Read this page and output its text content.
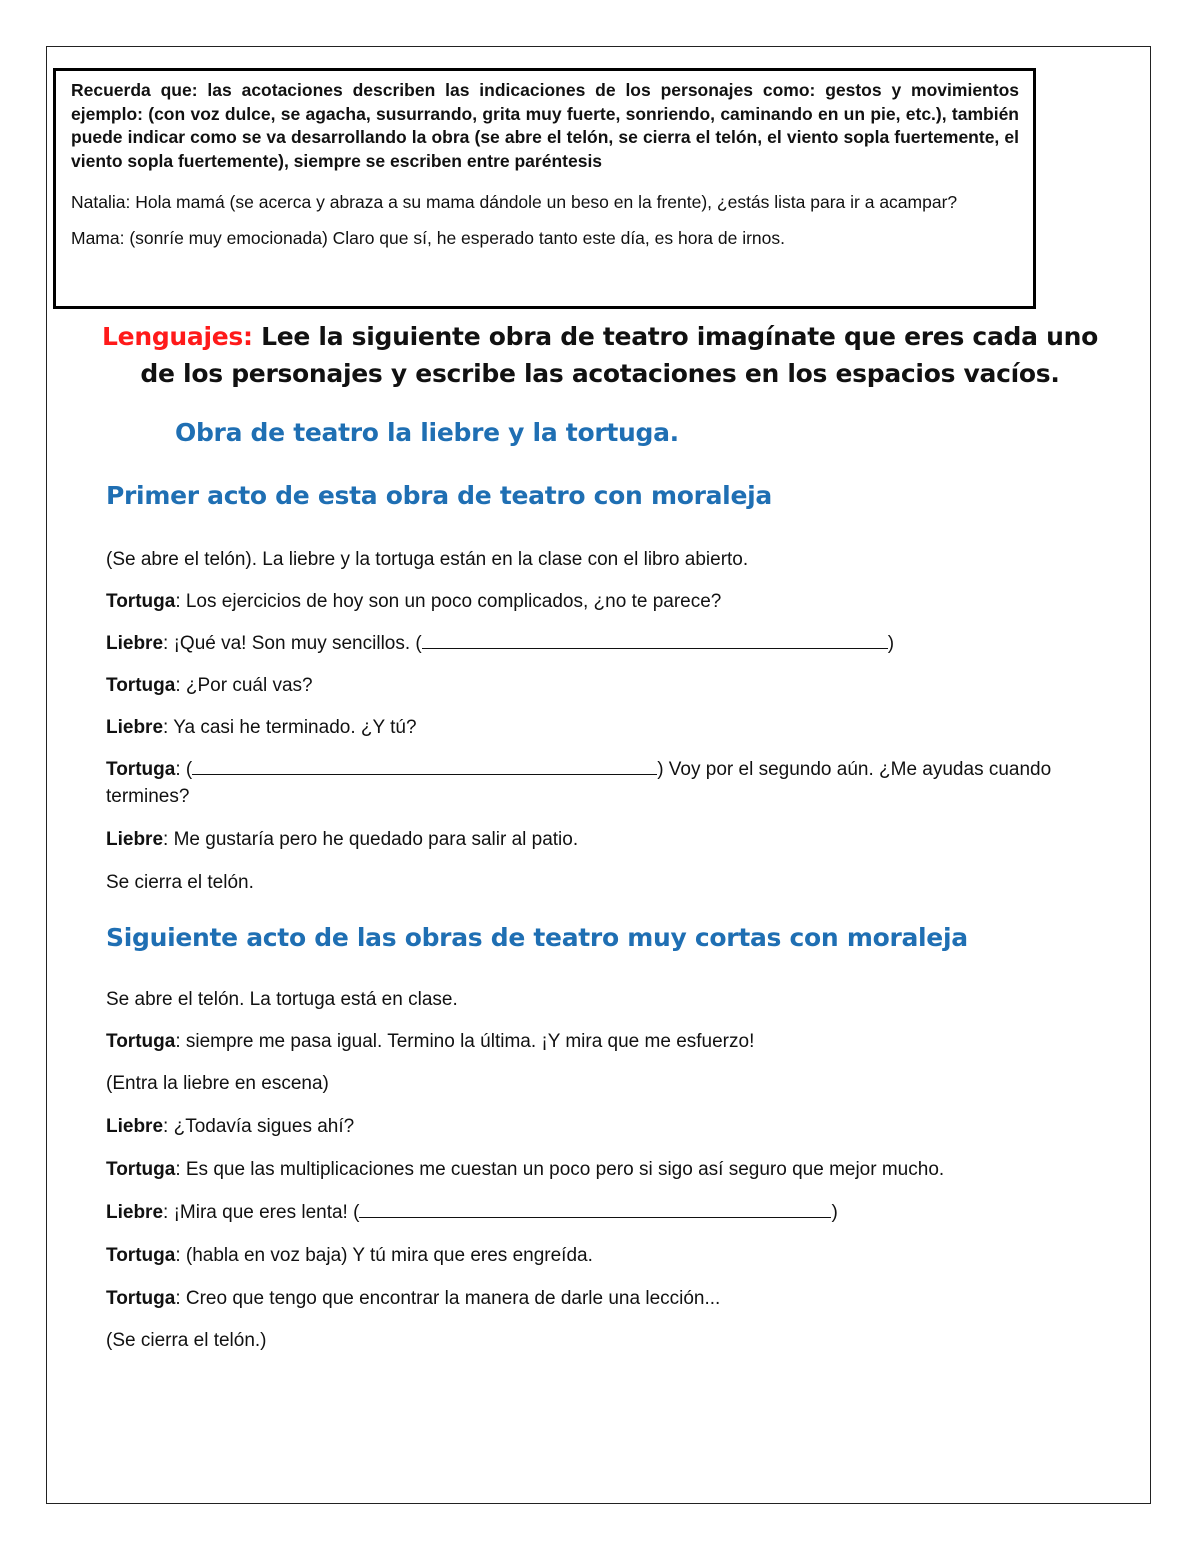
Recuerda que: las acotaciones describen las indicaciones de los personajes como: gestos y movimientos ejemplo: (con voz dulce, se agacha, susurrando, grita muy fuerte, sonriendo, caminando en un pie, etc.), también puede indicar como se va desarrollando la obra (se abre el telón, se cierra el telón, el viento sopla fuertemente, el viento sopla fuertemente), siempre se escriben entre paréntesis

Natalia: Hola mamá (se acerca y abraza a su mama dándole un beso en la frente), ¿estás lista para ir a acampar?

Mama: (sonríe muy emocionada) Claro que sí, he esperado tanto este día, es hora de irnos.

Lenguajes: Lee la siguiente obra de teatro imagínate que eres cada uno de los personajes y escribe las acotaciones en los espacios vacíos.
Obra de teatro la liebre y la tortuga.
Primer acto de esta obra de teatro con moraleja

(Se abre el telón). La liebre y la tortuga están en la clase con el libro abierto.

Tortuga: Los ejercicios de hoy son un poco complicados, ¿no te parece?

Liebre: ¡Qué va! Son muy sencillos. (	)

Tortuga: ¿Por cuál vas?

Liebre: Ya casi he terminado. ¿Y tú?

Tortuga: (	) Voy por el segundo aún. ¿Me ayudas cuando termines?

Liebre: Me gustaría pero he quedado para salir al patio.

Se cierra el telón.

Siguiente acto de las obras de teatro muy cortas con moraleja

Se abre el telón. La tortuga está en clase.

Tortuga: siempre me pasa igual. Termino la última. ¡Y mira que me esfuerzo!

(Entra la liebre en escena)

Liebre: ¿Todavía sigues ahí?

Tortuga: Es que las multiplicaciones me cuestan un poco pero si sigo así seguro que mejor mucho.

Liebre: ¡Mira que eres lenta! (	)

Tortuga: (habla en voz baja) Y tú mira que eres engreída.

Tortuga: Creo que tengo que encontrar la manera de darle una lección...

(Se cierra el telón.)
